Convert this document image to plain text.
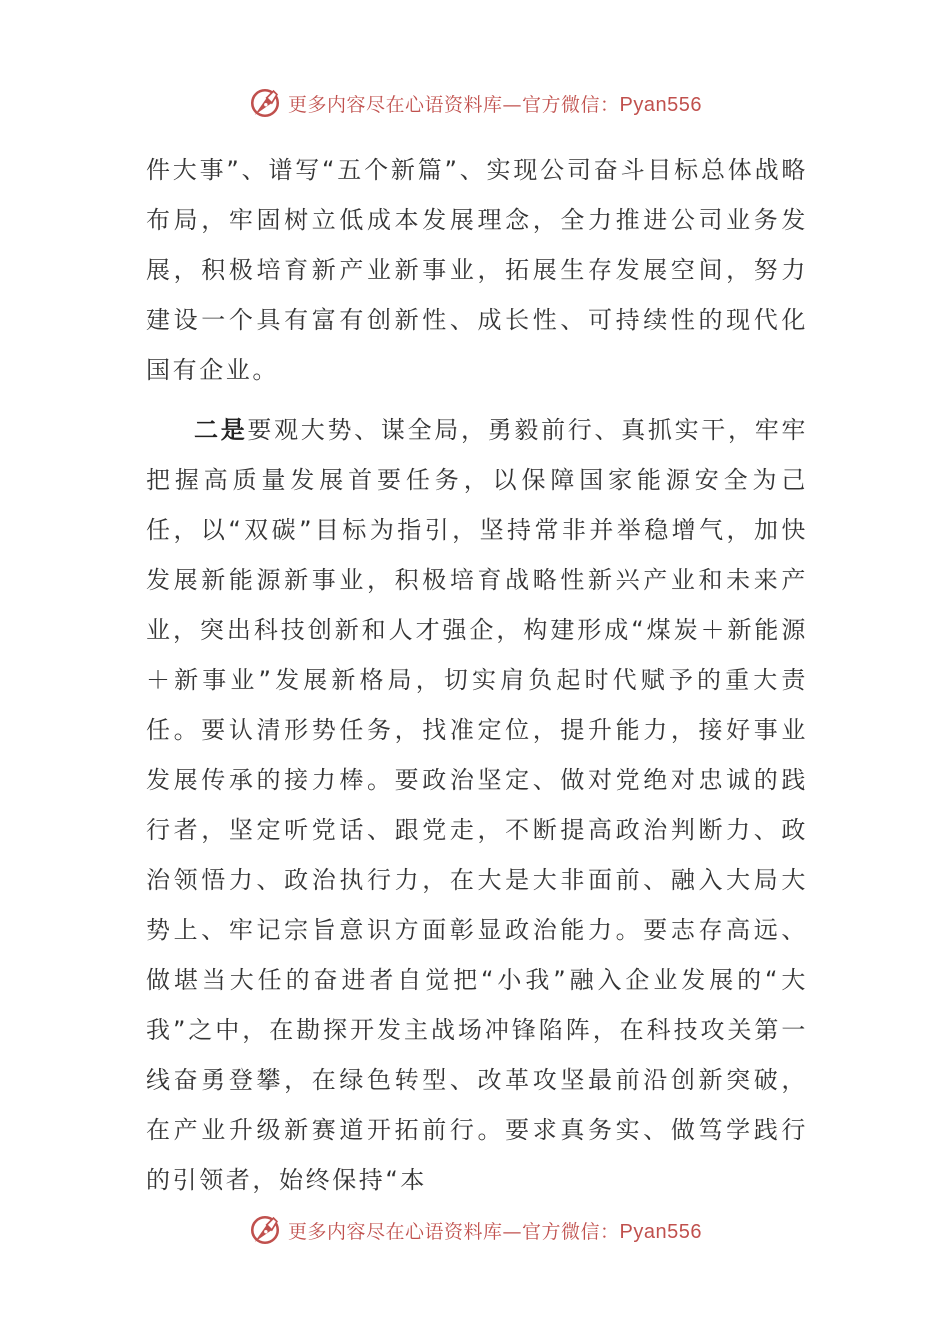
更多内容尽在心语资料库—官方微信：Pyan556

件大事”、谱写“五个新篇”、实现公司奋斗目标总体战略布局，牢固树立低成本发展理念，全力推进公司业务发展，积极培育新产业新事业，拓展生存发展空间，努力建设一个具有富有创新性、成长性、可持续性的现代化国有企业。

二是要观大势、谋全局，勇毅前行、真抓实干，牢牢把握高质量发展首要任务，以保障国家能源安全为己任，以“双碳”目标为指引，坚持常非并举稳增气，加快发展新能源新事业，积极培育战略性新兴产业和未来产业，突出科技创新和人才强企，构建形成“煤炭＋新能源＋新事业”发展新格局，切实肩负起时代赋予的重大责任。要认清形势任务，找准定位，提升能力，接好事业发展传承的接力棒。要政治坚定、做对党绝对忠诚的践行者，坚定听党话、跟党走，不断提高政治判断力、政治领悟力、政治执行力，在大是大非面前、融入大局大势上、牢记宗旨意识方面彰显政治能力。要志存高远、做堪当大任的奋进者自觉把“小我”融入企业发展的“大我”之中，在勘探开发主战场冲锋陷阵，在科技攻关第一线奋勇登攀，在绿色转型、改革攻坚最前沿创新突破，在产业升级新赛道开拓前行。要求真务实、做笃学践行的引领者，始终保持“本

更多内容尽在心语资料库—官方微信：Pyan556
